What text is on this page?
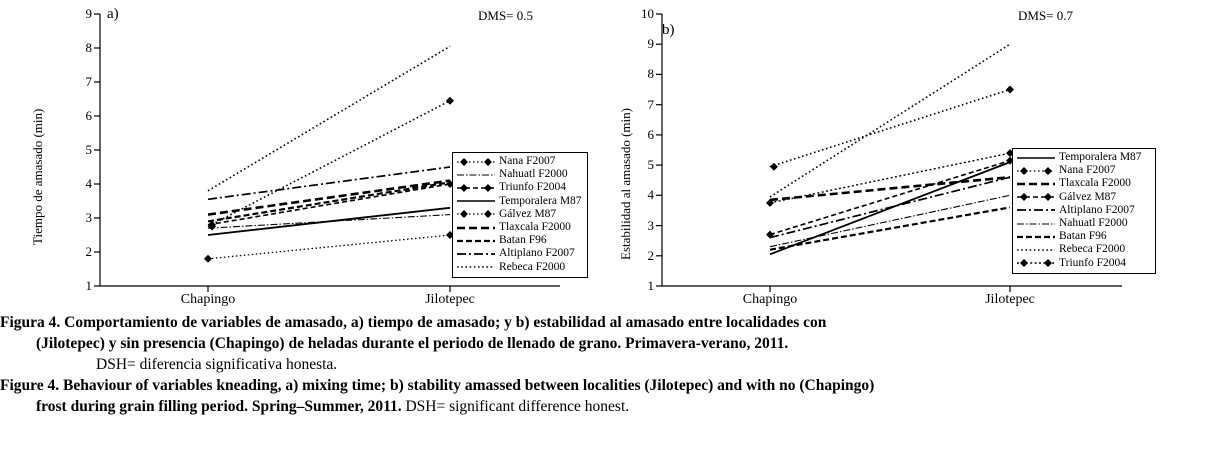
a)	DMS= 0.5
Tiempo de amasado (min)
9
8
7
6
5
4
3
2
1
Chapingo	Jilotepec
Nana F2007
Nahuatl F2000
Triunfo F2004
Temporalera M87
Gálvez M87
Tlaxcala F2000
Batan F96
Altiplano F2007
Rebeca F2000
b)
DMS= 0.7
Estabilidad al amasado (min)
10
9
8
7
6
5
4
3
2
1
Chapingo	Jilotepec
Temporalera M87
Nana F2007
Tlaxcala F2000
Gálvez M87
Altiplano F2007
Nahuatl F2000
Batan F96
Rebeca F2000
Triunfo F2004
Figura 4. Comportamiento de variables de amasado, a) tiempo de amasado; y b) estabilidad al amasado entre localidades con
(Jilotepec) y sin presencia (Chapingo) de heladas durante el periodo de llenado de grano. Primavera-verano, 2011.
DSH= diferencia significativa honesta.
Figure 4. Behaviour of variables kneading, a) mixing time; b) stability amassed between localities (Jilotepec) and with no (Chapingo)
frost during grain filling period. Spring–Summer, 2011. DSH= significant difference honest.
